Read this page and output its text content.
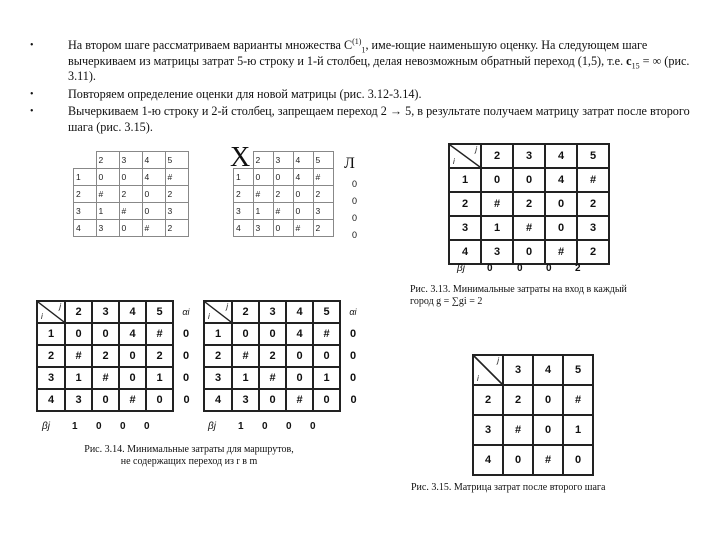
•
На втором шаге рассматриваем варианты множества $C^{(1)}_1$, име-ющие наименьшую оценку. На следующем шаге вычеркиваем из матрицы затрат 5-ю строку и 1-й столбец, делая невозможным обратный переход (1,5), т.е. $c_{15}$ = ∞ (рис. 3.11).
•
Повторяем определение оценки для новой матрицы (рис. 3.12-3.14).
•
Вычеркиваем 1-ю строку и 2-й столбец, запрещаем переход 2 → 5, в результате получаем матрицу затрат после второго шага (рис. 3.15).
	2	3	4	5
1	0	0	4	#
2	#	2	0	2
3	1	#	0	3
4	3	0	#	2
X
	2	3	4	5
1	0	0	4	#
2	#	2	0	2
3	1	#	0	3
4	3	0	#	2
Л
0
0
0
0
i
j	2	3	4	5
1	0	0	4	#
2	#	2	0	2
3	1	#	0	3
4	3	0	#	2
βj 0 0 0 2
Рис. 3.13. Минимальные затраты на вход в каждый город g = ∑gi = 2
i
j	2	3	4	5	αi
1	0	0	4	#	0
2	#	2	0	2	0
3	1	#	0	1	0
4	3	0	#	0	0
βj 1 0 0 0
i
j	2	3	4	5	αi
1	0	0	4	#	0
2	#	2	0	0	0
3	1	#	0	1	0
4	3	0	#	0	0
βj 1 0 0 0
Рис. 3.14. Минимальные затраты для маршрутов, не содержащих переход из r в m
i
j	3	4	5
2	2	0	#
3	#	0	1
4	0	#	0
Рис. 3.15. Матрица затрат после второго шага
